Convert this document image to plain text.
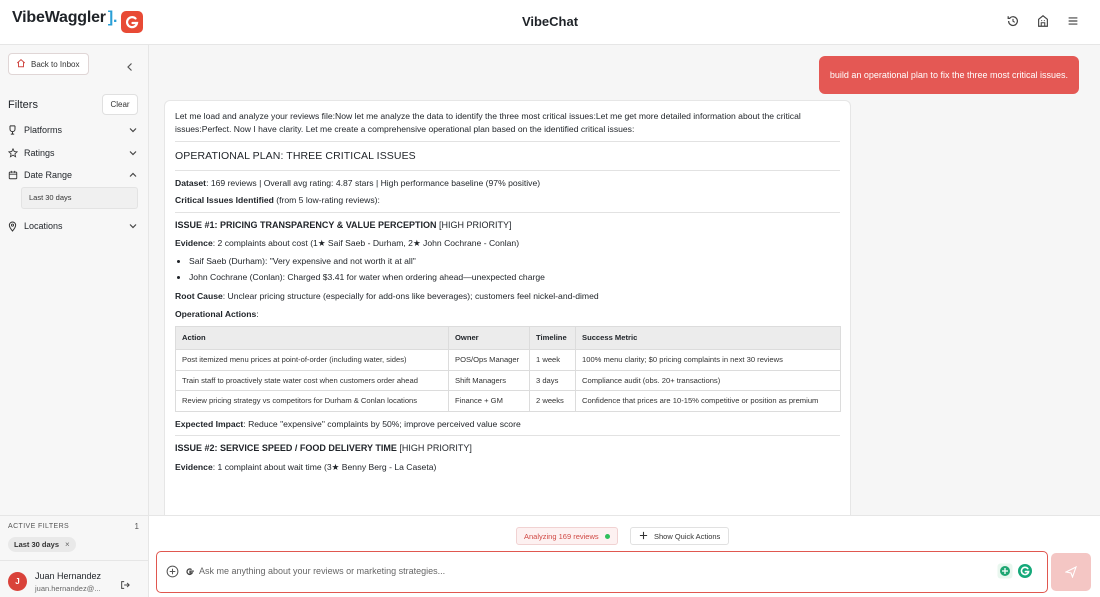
VibeWaggler ].	VibeChat
Back to Inbox
Filters	Clear
Platforms
Ratings
Date Range
Last 30 days
Locations
ACTIVE FILTERS	1
Last 30 days ×
J
Juan Hernandez
juan.hernandez@...
build an operational plan to fix the three most critical issues.

Let me load and analyze your reviews file:Now let me analyze the data to identify the three most critical issues:Let me get more detailed information about the critical issues:Perfect. Now I have clarity. Let me create a comprehensive operational plan based on the identified critical issues:

OPERATIONAL PLAN: THREE CRITICAL ISSUES

Dataset: 169 reviews | Overall avg rating: 4.87 stars | High performance baseline (97% positive)

Critical Issues Identified (from 5 low-rating reviews):

ISSUE #1: PRICING TRANSPARENCY & VALUE PERCEPTION [HIGH PRIORITY]

Evidence: 2 complaints about cost (1★ Saif Saeb - Durham, 2★ John Cochrane - Conlan)

• Saif Saeb (Durham): "Very expensive and not worth it at all"
• John Cochrane (Conlan): Charged $3.41 for water when ordering ahead—unexpected charge

Root Cause: Unclear pricing structure (especially for add-ons like beverages); customers feel nickel-and-dimed

Operational Actions:

Action	Owner	Timeline	Success Metric
Post itemized menu prices at point-of-order (including water, sides)	POS/Ops Manager	1 week	100% menu clarity; $0 pricing complaints in next 30 reviews
Train staff to proactively state water cost when customers order ahead	Shift Managers	3 days	Compliance audit (obs. 20+ transactions)
Review pricing strategy vs competitors for Durham & Conlan locations	Finance + GM	2 weeks	Confidence that prices are 10-15% competitive or position as premium

Expected Impact: Reduce "expensive" complaints by 50%; improve perceived value score

ISSUE #2: SERVICE SPEED / FOOD DELIVERY TIME [HIGH PRIORITY]

Evidence: 1 complaint about wait time (3★ Benny Berg - La Caseta)

Analyzing 169 reviews	Show Quick Actions
Ask me anything about your reviews or marketing strategies...
